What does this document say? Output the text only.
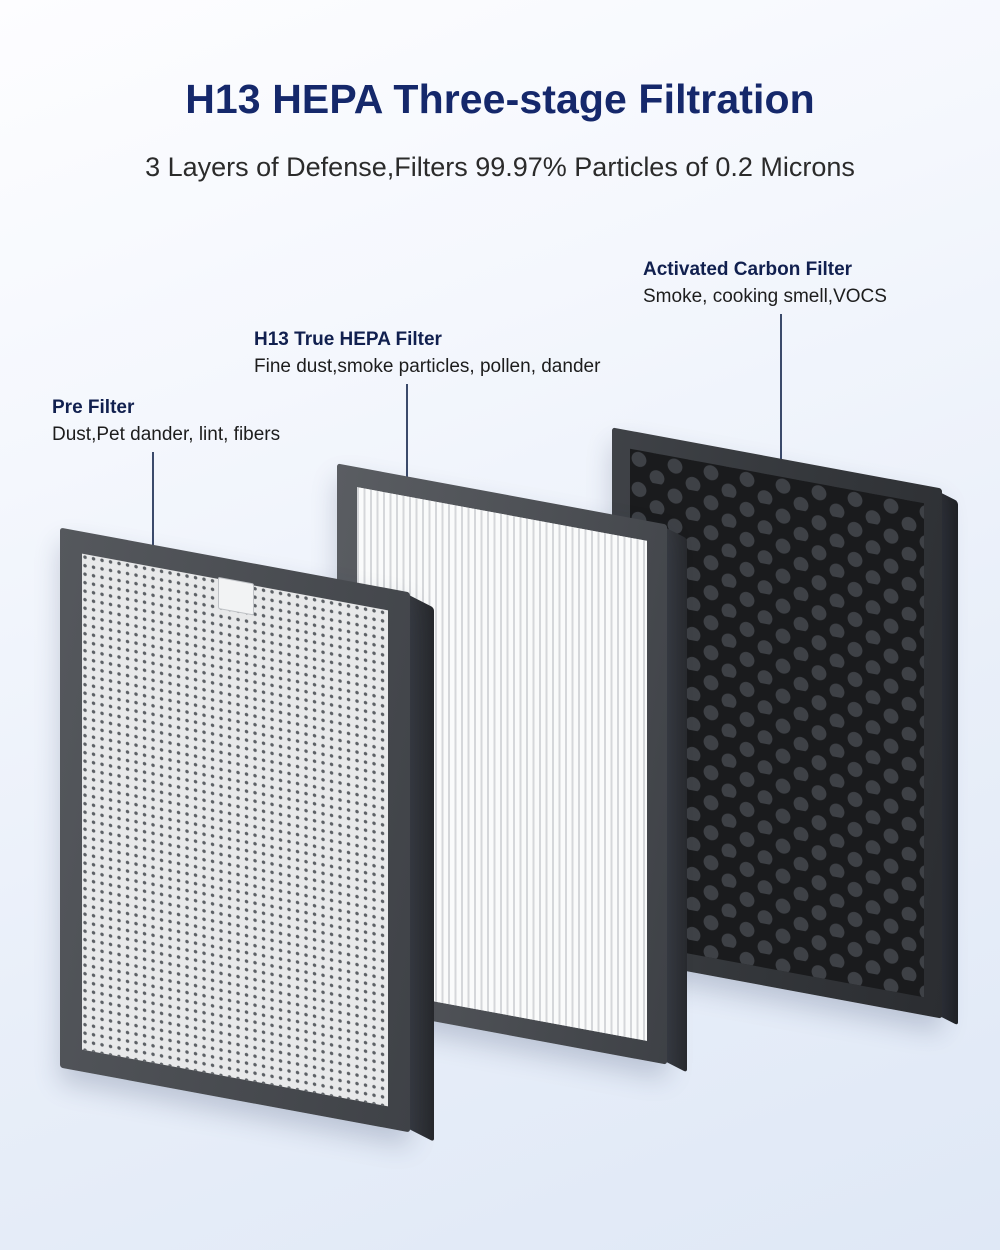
H13 HEPA Three-stage Filtration
3 Layers of Defense,Filters 99.97% Particles of 0.2 Microns
Activated Carbon Filter
Smoke, cooking smell,VOCS
H13 True HEPA Filter
Fine dust,smoke particles, pollen, dander
Pre Filter
Dust,Pet dander, lint, fibers
